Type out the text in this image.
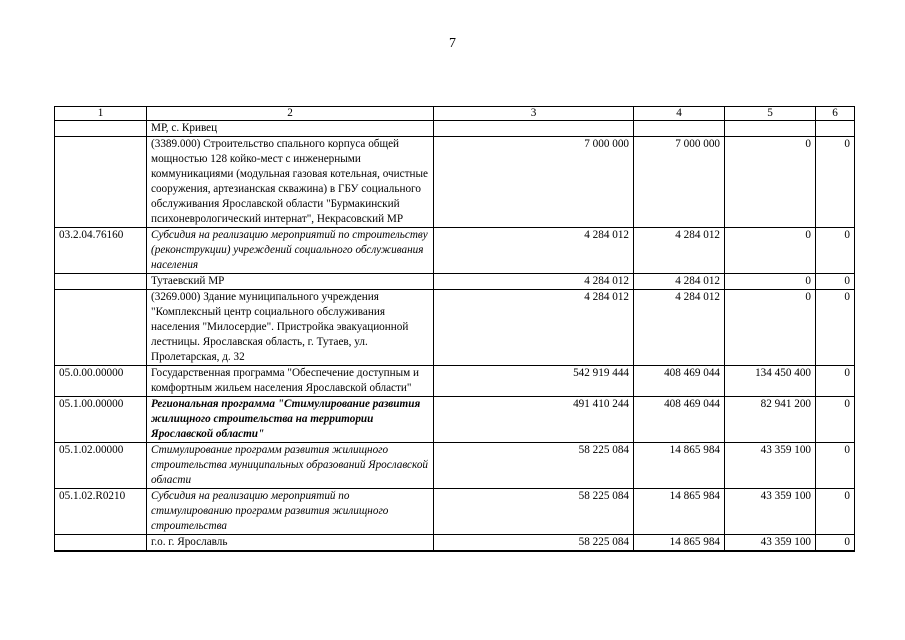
7
1	2	3	4	5	6
	МР, с. Кривец				
	(3389.000) Строительство спального корпуса общей мощностью 128 койко-мест с инженерными коммуникациями (модульная газовая котельная, очистные сооружения, артезианская скважина) в ГБУ социального обслуживания Ярославской области "Бурмакинский психоневрологический интернат", Некрасовский МР	7 000 000	7 000 000	0	0
03.2.04.76160	Субсидия на реализацию мероприятий по строительству (реконструкции) учреждений социального обслуживания населения	4 284 012	4 284 012	0	0
	Тутаевский МР	4 284 012	4 284 012	0	0
	(3269.000) Здание муниципального учреждения "Комплексный центр социального обслуживания населения "Милосердие". Пристройка эвакуационной лестницы. Ярославская область, г. Тутаев, ул. Пролетарская, д. 32	4 284 012	4 284 012	0	0
05.0.00.00000	Государственная программа "Обеспечение доступным и комфортным жильем населения Ярославской области"	542 919 444	408 469 044	134 450 400	0
05.1.00.00000	Региональная программа "Стимулирование развития жилищного строительства на территории Ярославской области"	491 410 244	408 469 044	82 941 200	0
05.1.02.00000	Стимулирование программ развития жилищного строительства муниципальных образований Ярославской области	58 225 084	14 865 984	43 359 100	0
05.1.02.R0210	Субсидия на реализацию мероприятий по стимулированию программ развития жилищного строительства	58 225 084	14 865 984	43 359 100	0
	г.о. г. Ярославль	58 225 084	14 865 984	43 359 100	0
